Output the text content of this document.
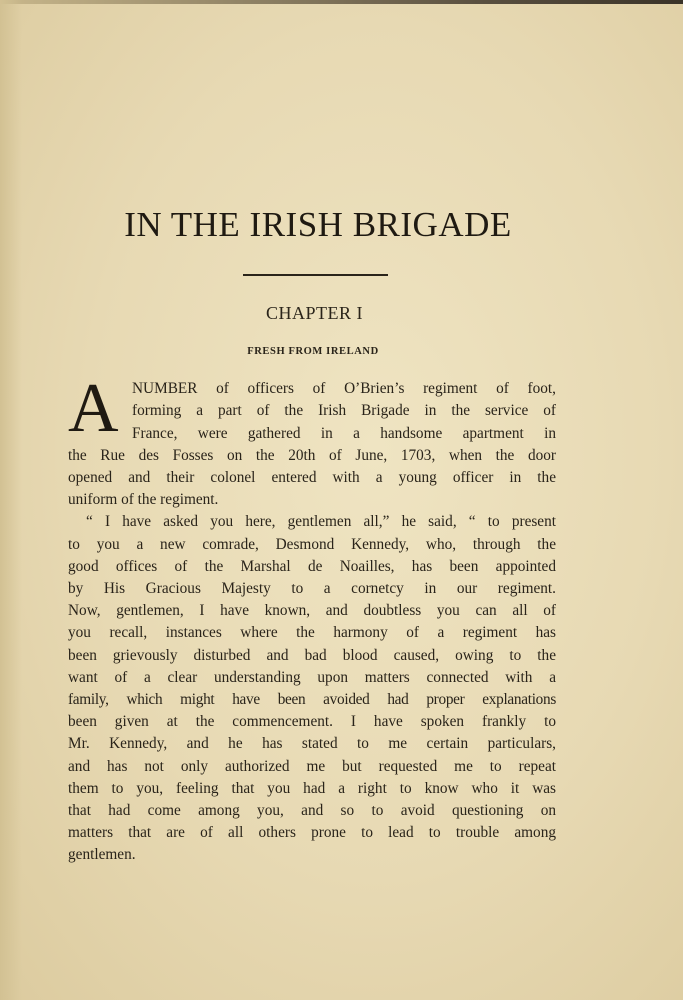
IN THE IRISH BRIGADE
CHAPTER I
FRESH FROM IRELAND
A NUMBER of officers of O’Brien’s regiment of foot,

forming a part of the Irish Brigade in the service of

France, were gathered in a handsome apartment in

the Rue des Fosses on the 20th of June, 1703, when the door

opened and their colonel entered with a young officer in the

uniform of the regiment.

“ I have asked you here, gentlemen all,” he said, “ to present

to you a new comrade, Desmond Kennedy, who, through the

good offices of the Marshal de Noailles, has been appointed

by His Gracious Majesty to a cornetcy in our regiment.

Now, gentlemen, I have known, and doubtless you can all of

you recall, instances where the harmony of a regiment has

been grievously disturbed and bad blood caused, owing to the

want of a clear understanding upon matters connected with a

family, which might have been avoided had proper explanations

been given at the commencement. I have spoken frankly to

Mr. Kennedy, and he has stated to me certain particulars,

and has not only authorized me but requested me to repeat

them to you, feeling that you had a right to know who it was

that had come among you, and so to avoid questioning on

matters that are of all others prone to lead to trouble among

gentlemen.
